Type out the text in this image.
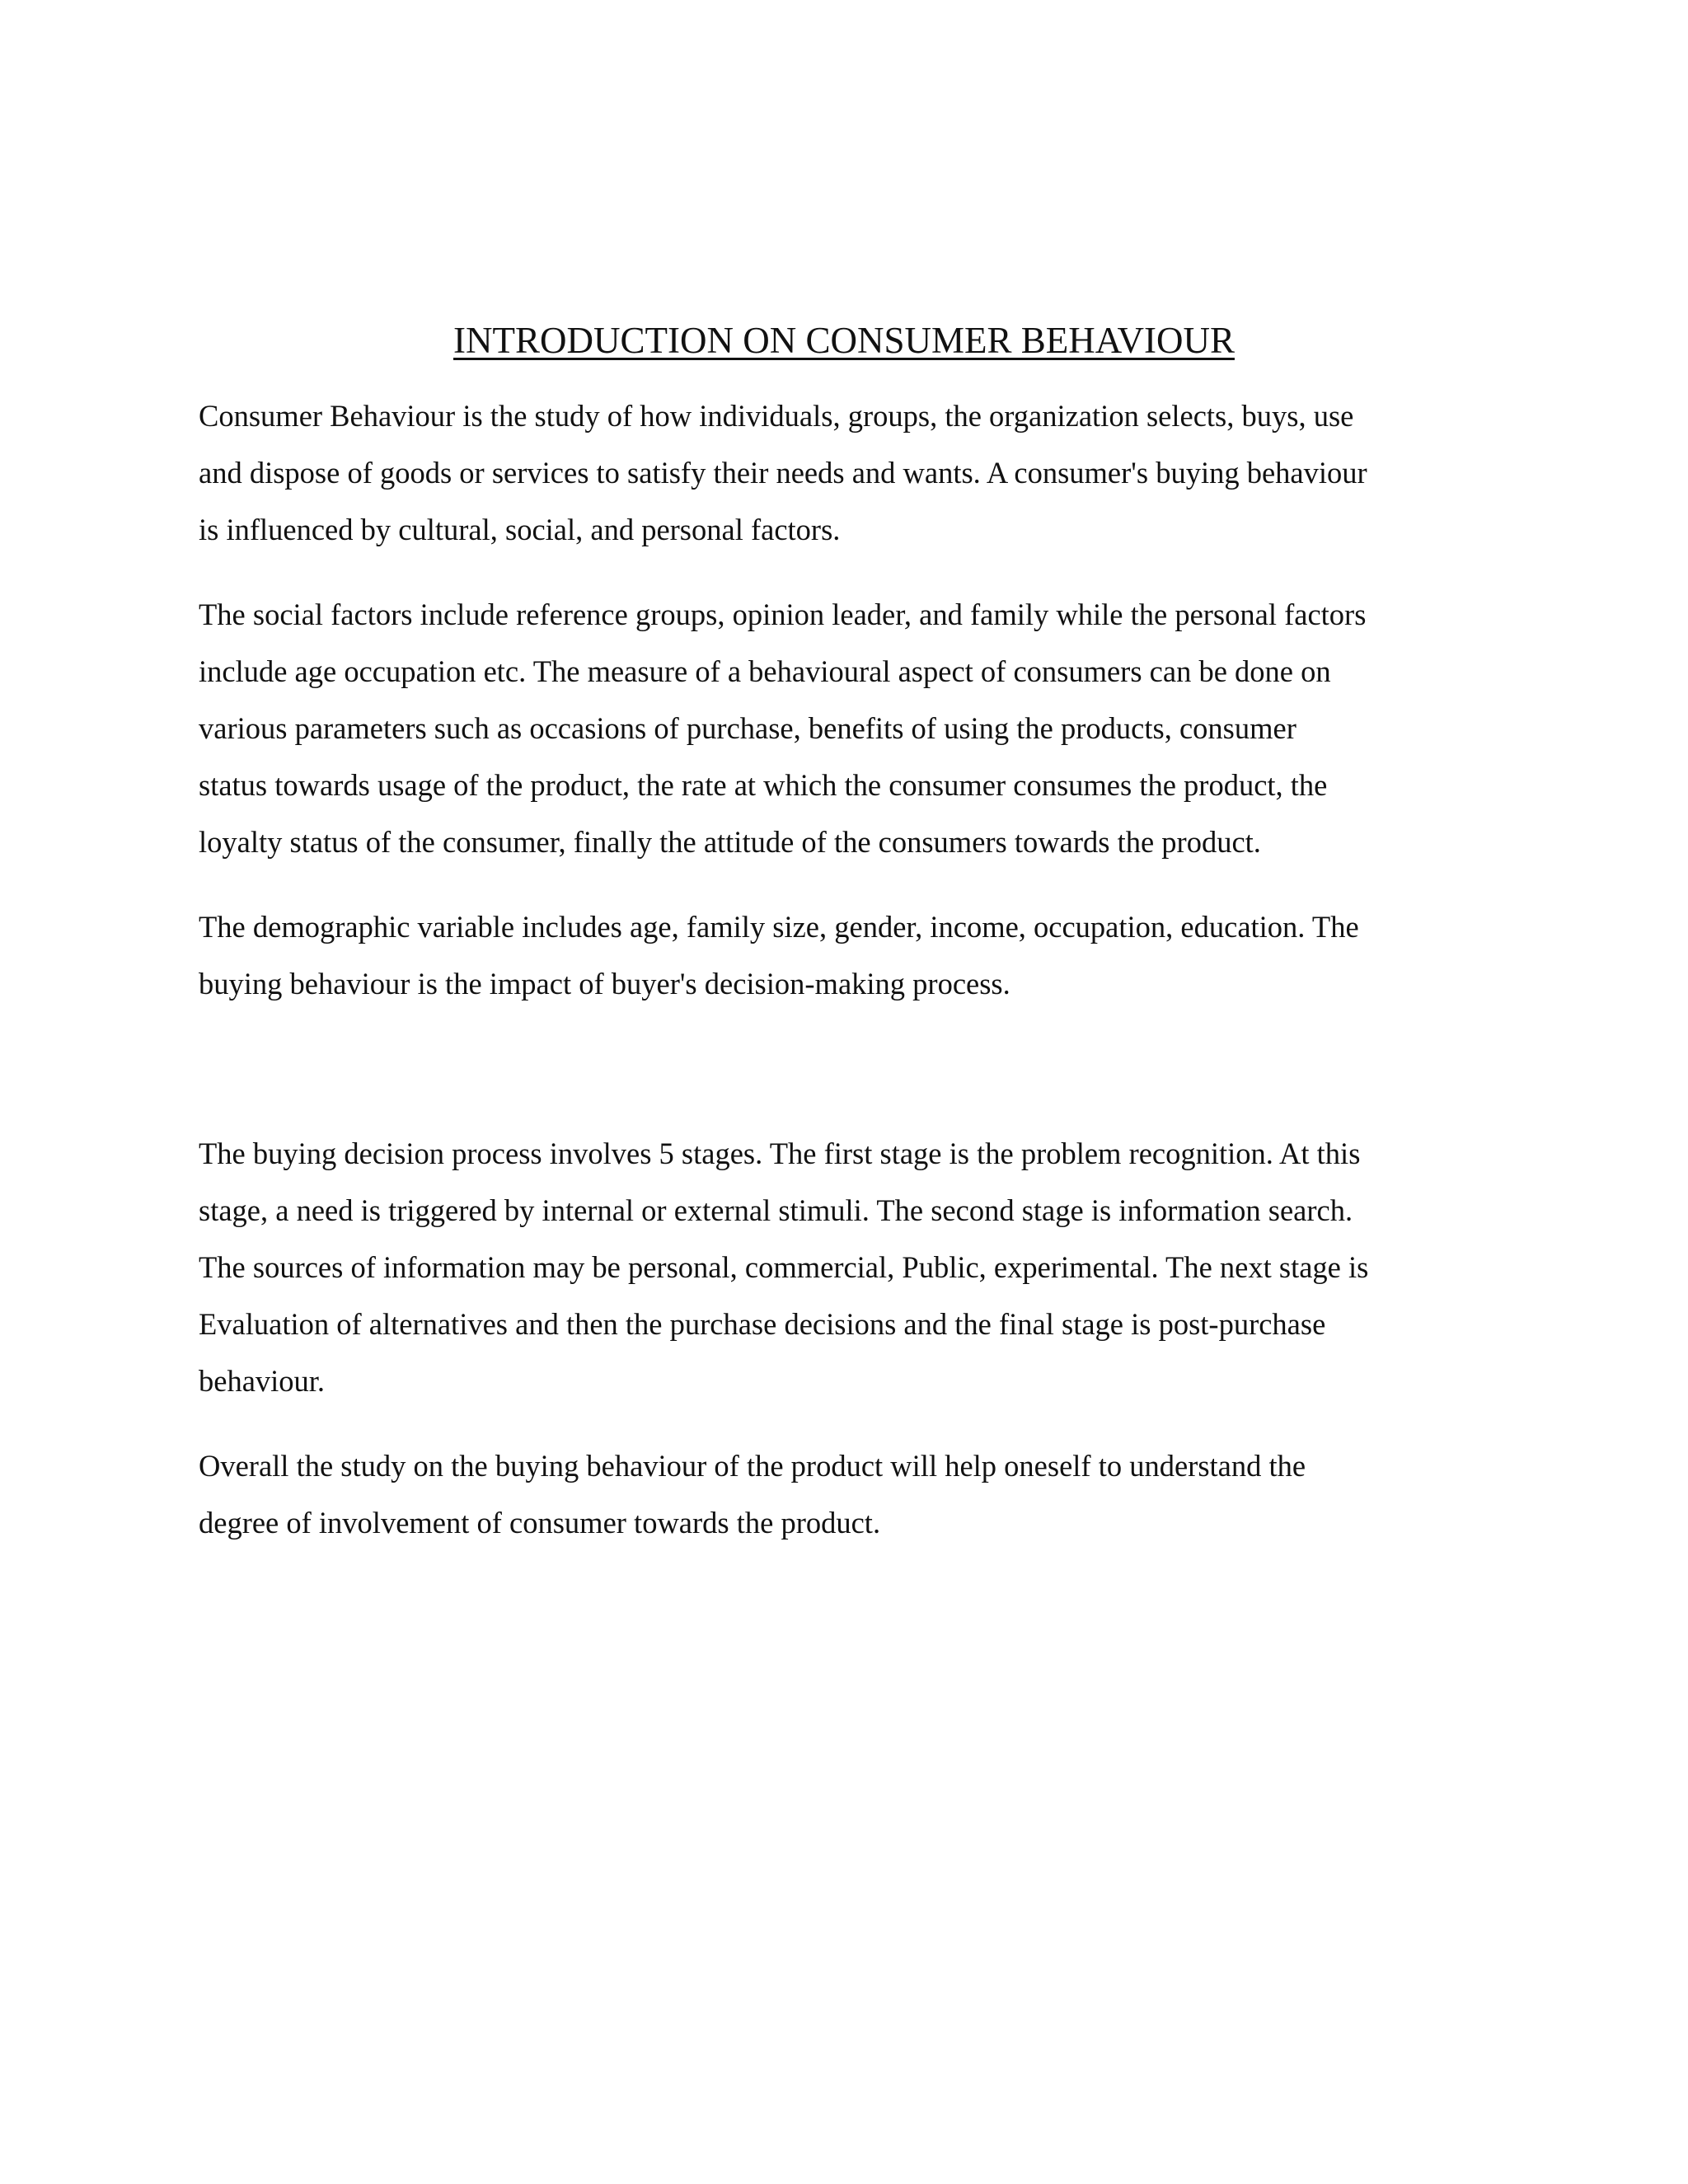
INTRODUCTION ON CONSUMER BEHAVIOUR

Consumer Behaviour is the study of how individuals, groups, the organization selects, buys, use
and dispose of goods or services to satisfy their needs and wants. A consumer's buying behaviour
is influenced by cultural, social, and personal factors.

The social factors include reference groups, opinion leader, and family while the personal factors
include age occupation etc. The measure of a behavioural aspect of consumers can be done on
various parameters such as occasions of purchase, benefits of using the products, consumer
status towards usage of the product, the rate at which the consumer consumes the product, the
loyalty status of the consumer, finally the attitude of the consumers towards the product.

The demographic variable includes age, family size, gender, income, occupation, education. The
buying behaviour is the impact of buyer's decision-making process.

The buying decision process involves 5 stages. The first stage is the problem recognition. At this
stage, a need is triggered by internal or external stimuli. The second stage is information search.
The sources of information may be personal, commercial, Public, experimental. The next stage is
Evaluation of alternatives and then the purchase decisions and the final stage is post-purchase
behaviour.

Overall the study on the buying behaviour of the product will help oneself to understand the
degree of involvement of consumer towards the product.
